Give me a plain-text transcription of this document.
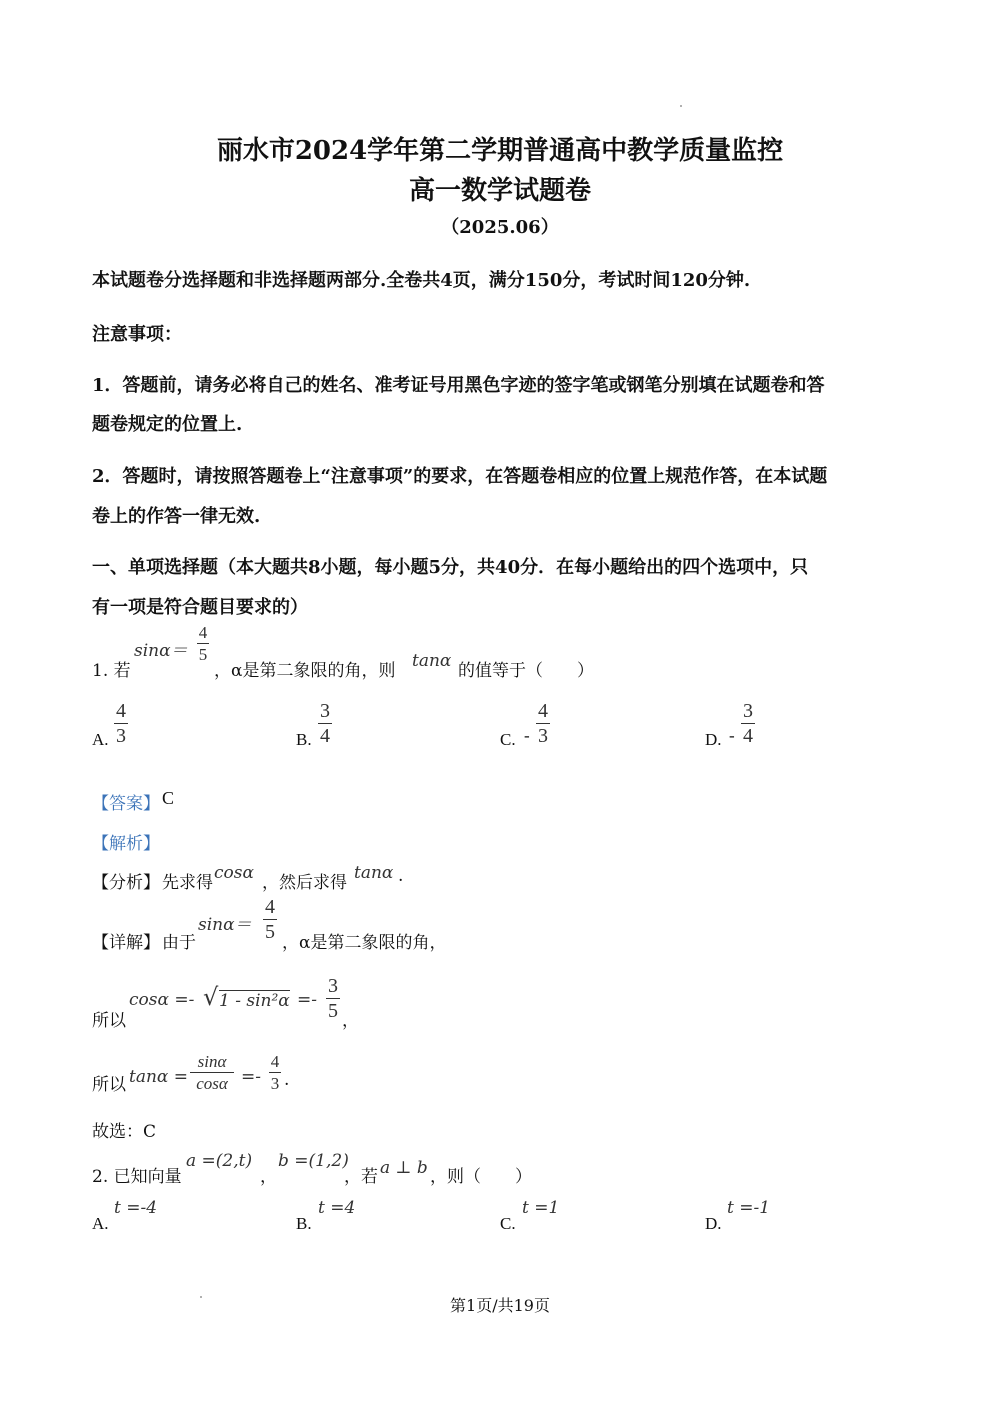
丽水市2024学年第二学期普通高中教学质量监控
高一数学试题卷
（2025.06）
本试题卷分选择题和非选择题两部分.全卷共4页，满分150分，考试时间120分钟.
注意事项：
1．答题前，请务必将自己的姓名、准考证号用黑色字迹的签字笔或钢笔分别填在试题卷和答
题卷规定的位置上.
2．答题时，请按照答题卷上“注意事项”的要求，在答题卷相应的位置上规范作答，在本试题
卷上的作答一律无效.
一、单项选择题（本大题共8小题，每小题5分，共40分．在每小题给出的四个选项中，只
有一项是符合题目要求的）
1. 若
sinα＝
4
5
，α是第二象限的角，则 tanα 的值等于（　　）
A.
4
3	B.
3
4	C. -
4
3	D. -
3
4
【答案】 C
【解析】
【分析】 先求得 cosα ，然后求得 tanα .
【详解】 由于
sinα＝
4
5 ，α是第二象限的角，
所以
cosα =- √ 1 - sin²α =-
3
5 ，
所以 tanα =
sinα
cosα =-
4
3 .
故选：C
2. 已知向量
a =(2,t)
，
b =(1,2)
，若 a ⊥ b ，则（　　）
A.
t =-4
B.
t =4
C.
t =1
D.
t =-1
第1页/共19页
